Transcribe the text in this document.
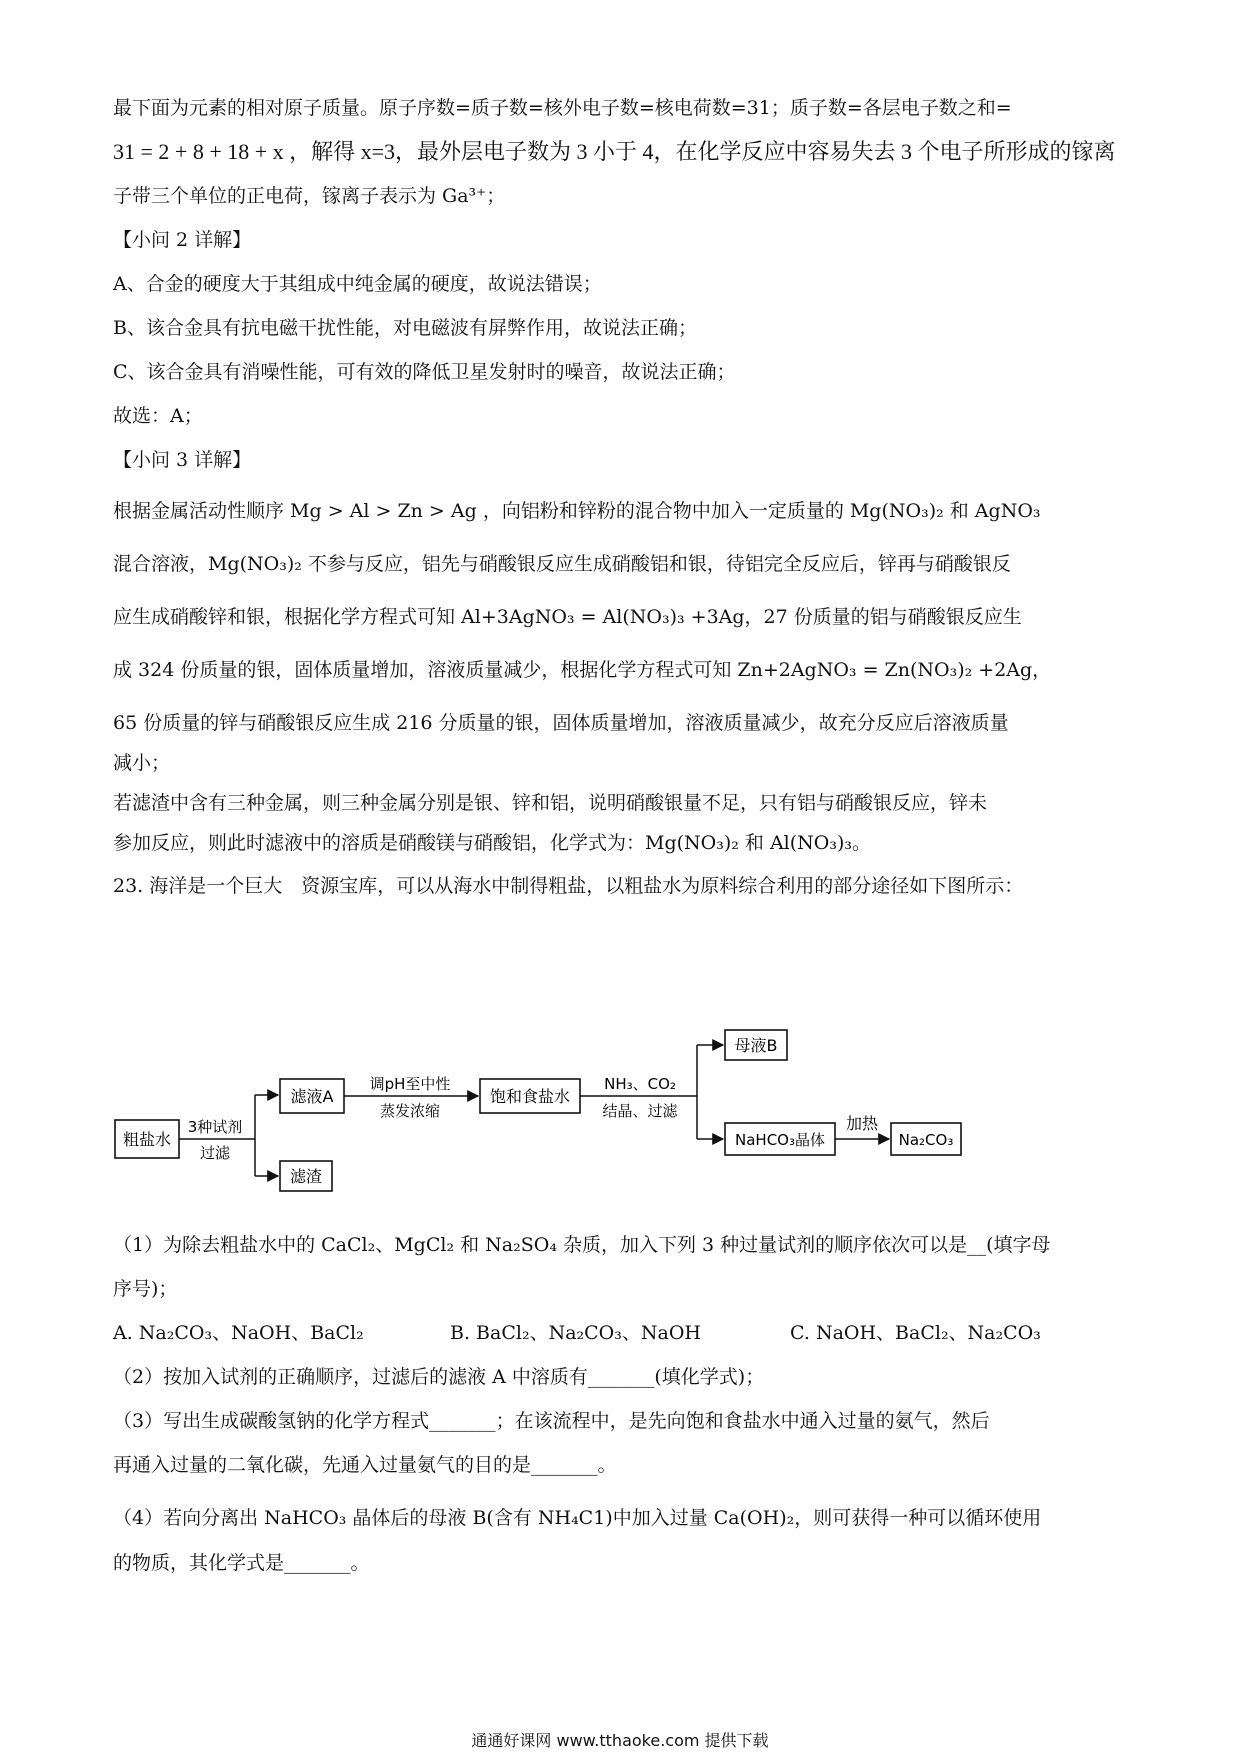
最下面为元素的相对原子质量。原子序数=质子数=核外电子数=核电荷数=31；质子数=各层电子数之和=
31 = 2 + 8 + 18 + x ，解得 x=3，最外层电子数为 3 小于 4，在化学反应中容易失去 3 个电子所形成的镓离
子带三个单位的正电荷，镓离子表示为 Ga³⁺；
【小问 2 详解】
A、合金的硬度大于其组成中纯金属的硬度，故说法错误；
B、该合金具有抗电磁干扰性能，对电磁波有屏弊作用，故说法正确；
C、该合金具有消噪性能，可有效的降低卫星发射时的噪音，故说法正确；
故选：A；
【小问 3 详解】
根据金属活动性顺序 Mg > Al > Zn > Ag ，向铝粉和锌粉的混合物中加入一定质量的 Mg(NO₃)₂ 和 AgNO₃
混合溶液，Mg(NO₃)₂ 不参与反应，铝先与硝酸银反应生成硝酸铝和银，待铝完全反应后，锌再与硝酸银反
应生成硝酸锌和银，根据化学方程式可知 Al+3AgNO₃ = Al(NO₃)₃ +3Ag，27 份质量的铝与硝酸银反应生
成 324 份质量的银，固体质量增加，溶液质量减少，根据化学方程式可知 Zn+2AgNO₃ = Zn(NO₃)₂ +2Ag，
65 份质量的锌与硝酸银反应生成 216 分质量的银，固体质量增加，溶液质量减少，故充分反应后溶液质量
减小；
若滤渣中含有三种金属，则三种金属分别是银、锌和铝，说明硝酸银量不足，只有铝与硝酸银反应，锌未
参加反应，则此时滤液中的溶质是硝酸镁与硝酸铝，化学式为：Mg(NO₃)₂ 和 Al(NO₃)₃。
23. 海洋是一个巨大　资源宝库，可以从海水中制得粗盐，以粗盐水为原料综合利用的部分途径如下图所示：
粗盐水
滤液A
滤渣
饱和食盐水
母液B
NaHCO₃晶体	Na₂CO₃
3种试剂
过滤
调pH至中性
蒸发浓缩
NH₃、CO₂
结晶、过滤
加热
（1）为除去粗盐水中的 CaCl₂、MgCl₂ 和 Na₂SO₄ 杂质，加入下列 3 种过量试剂的顺序依次可以是__(填字母
序号)；
A. Na₂CO₃、NaOH、BaCl₂	B. BaCl₂、Na₂CO₃、NaOH	C. NaOH、BaCl₂、Na₂CO₃
（2）按加入试剂的正确顺序，过滤后的滤液 A 中溶质有_______(填化学式)；
（3）写出生成碳酸氢钠的化学方程式_______；在该流程中，是先向饱和食盐水中通入过量的氨气，然后
再通入过量的二氧化碳，先通入过量氨气的目的是_______。
（4）若向分离出 NaHCO₃ 晶体后的母液 B(含有 NH₄C1)中加入过量 Ca(OH)₂，则可获得一种可以循环使用
的物质，其化学式是_______。
通通好课网 www.tthaoke.com 提供下载
